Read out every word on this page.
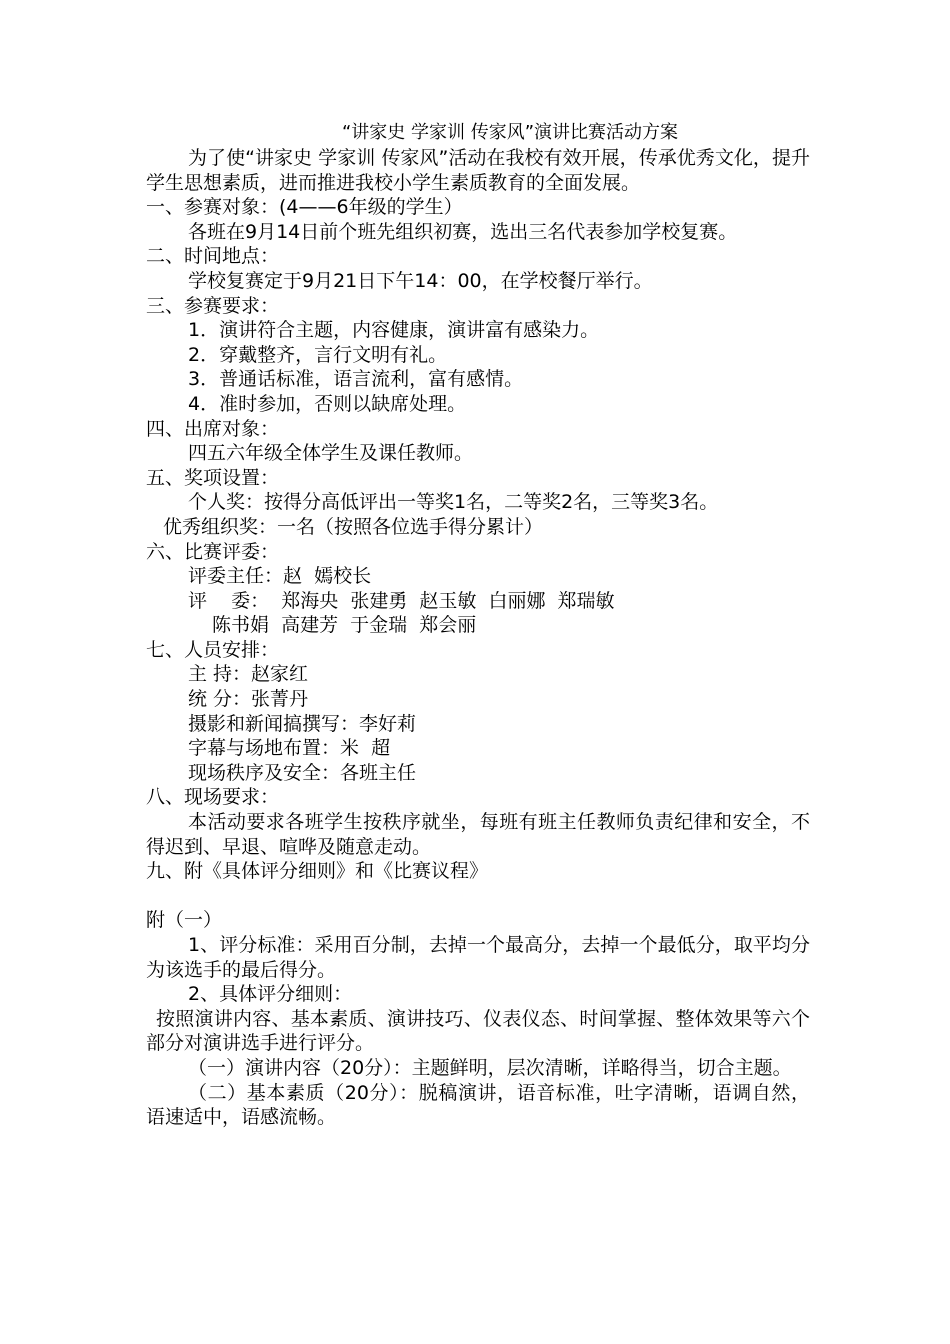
“讲家史 学家训 传家风”演讲比赛活动方案

为了使“讲家史 学家训 传家风”活动在我校有效开展，传承优秀文化，提升学生思想素质，进而推进我校小学生素质教育的全面发展。

一、参赛对象：(4——6年级的学生）

各班在9月14日前个班先组织初赛，选出三名代表参加学校复赛。

二、时间地点：

学校复赛定于9月21日下午14：00，在学校餐厅举行。

三、参赛要求：

1．演讲符合主题，内容健康，演讲富有感染力。

2．穿戴整齐，言行文明有礼。

3．普通话标准，语言流利，富有感情。

4．准时参加，否则以缺席处理。

四、出席对象：

四五六年级全体学生及课任教师。

五、奖项设置：

个人奖：按得分高低评出一等奖1名，二等奖2名，三等奖3名。

优秀组织奖：一名（按照各位选手得分累计）

六、比赛评委：

评委主任：赵  嫣校长

评    委：  郑海央  张建勇  赵玉敏  白丽娜  郑瑞敏

陈书娟  高建芳  于金瑞  郑会丽

七、人员安排：

主 持：赵家红

统 分：张菁丹

摄影和新闻搞撰写：李好莉

字幕与场地布置：米  超

现场秩序及安全：各班主任

八、现场要求：

本活动要求各班学生按秩序就坐，每班有班主任教师负责纪律和安全，不得迟到、早退、喧哗及随意走动。

九、附《具体评分细则》和《比赛议程》

附（一）

1、评分标准：采用百分制，去掉一个最高分，去掉一个最低分，取平均分为该选手的最后得分。

2、具体评分细则：

按照演讲内容、基本素质、演讲技巧、仪表仪态、时间掌握、整体效果等六个部分对演讲选手进行评分。

（一）演讲内容（20分）：主题鲜明，层次清晰，详略得当，切合主题。

（二）基本素质（20分）：脱稿演讲，语音标准，吐字清晰，语调自然，语速适中，语感流畅。
